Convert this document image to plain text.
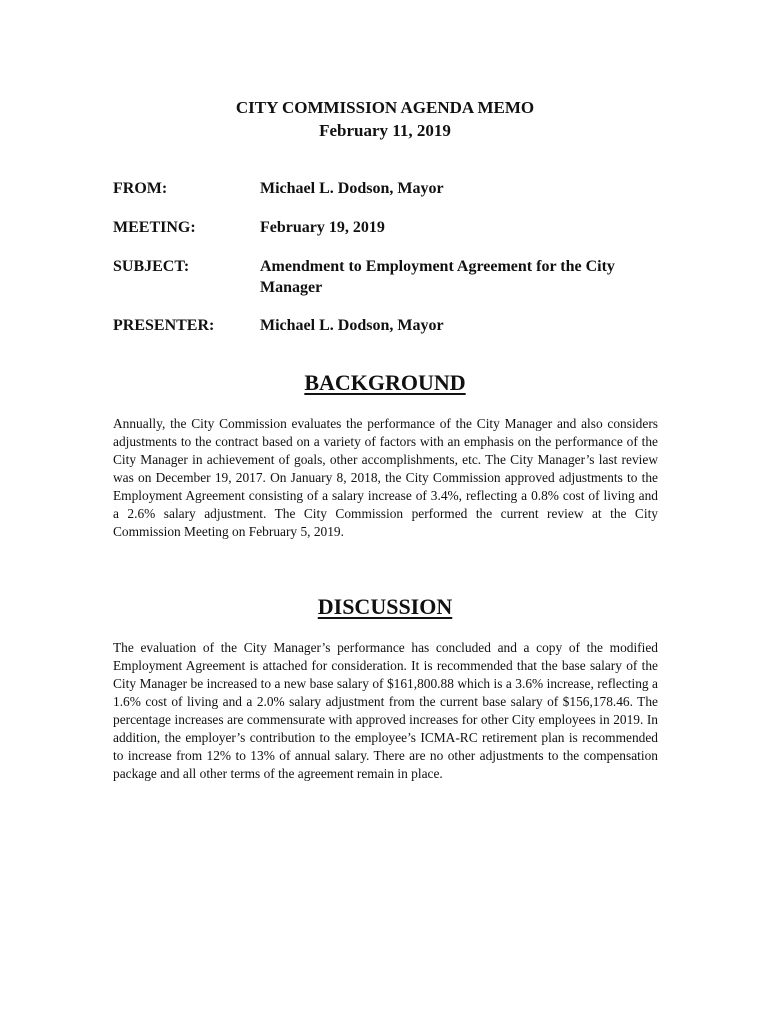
CITY COMMISSION AGENDA MEMO
February 11, 2019
FROM:	Michael L. Dodson, Mayor
MEETING:	February 19, 2019
SUBJECT:	Amendment to Employment Agreement for the City Manager
PRESENTER:	Michael L. Dodson, Mayor
BACKGROUND
Annually, the City Commission evaluates the performance of the City Manager and also considers adjustments to the contract based on a variety of factors with an emphasis on the performance of the City Manager in achievement of goals, other accomplishments, etc. The City Manager’s last review was on December 19, 2017. On January 8, 2018, the City Commission approved adjustments to the Employment Agreement consisting of a salary increase of 3.4%, reflecting a 0.8% cost of living and a 2.6% salary adjustment. The City Commission performed the current review at the City Commission Meeting on February 5, 2019.
DISCUSSION
The evaluation of the City Manager’s performance has concluded and a copy of the modified Employment Agreement is attached for consideration. It is recommended that the base salary of the City Manager be increased to a new base salary of $161,800.88 which is a 3.6% increase, reflecting a 1.6% cost of living and a 2.0% salary adjustment from the current base salary of $156,178.46. The percentage increases are commensurate with approved increases for other City employees in 2019. In addition, the employer’s contribution to the employee’s ICMA-RC retirement plan is recommended to increase from 12% to 13% of annual salary. There are no other adjustments to the compensation package and all other terms of the agreement remain in place.
